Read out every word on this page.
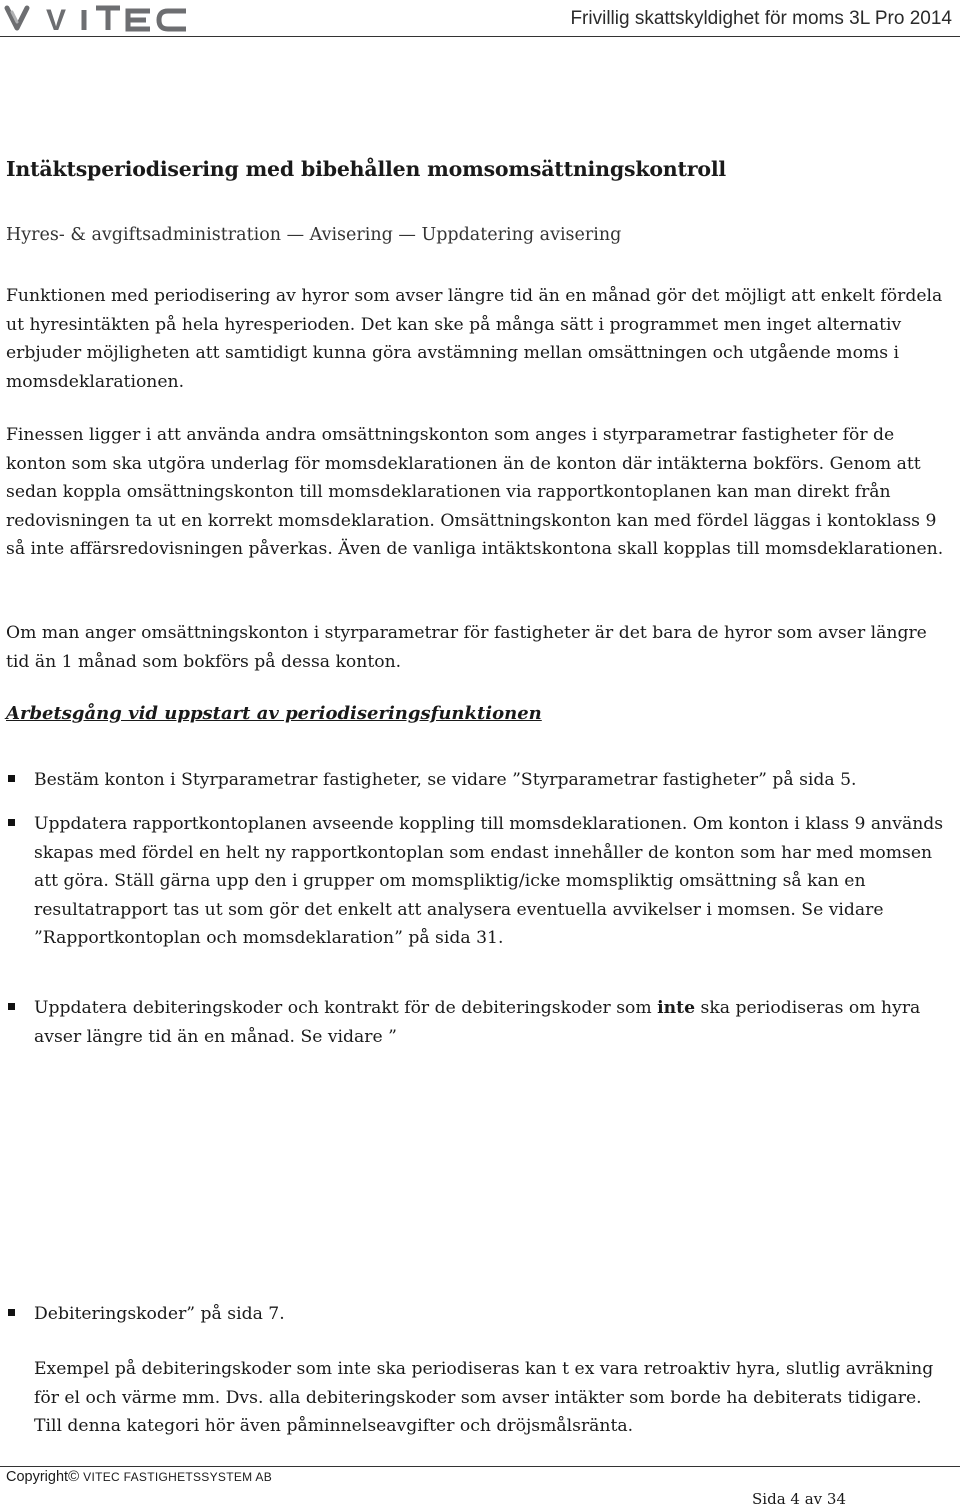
V	Frivillig skattskyldighet för moms 3L Pro 2014
Intäktsperiodisering med bibehållen momsomsättningskontroll
Hyres- & avgiftsadministration — Avisering — Uppdatering avisering

Funktionen med periodisering av hyror som avser längre tid än en månad gör det möjligt att enkelt fördela ut hyresintäkten på hela hyresperioden. Det kan ske på många sätt i programmet men inget alternativ erbjuder möjligheten att samtidigt kunna göra avstämning mellan omsättningen och utgående moms i momsdeklarationen.

Finessen ligger i att använda andra omsättningskonton som anges i styrparametrar fastigheter för de konton som ska utgöra underlag för momsdeklarationen än de konton där intäkterna bokförs. Genom att sedan koppla omsättningskonton till momsdeklarationen via rapportkontoplanen kan man direkt från redovisningen ta ut en korrekt momsdeklaration. Omsättningskonton kan med fördel läggas i kontoklass 9 så inte affärsredovisningen påverkas. Även de vanliga intäktskontona skall kopplas till momsdeklarationen.

Om man anger omsättningskonton i styrparametrar för fastigheter är det bara de hyror som avser längre tid än 1 månad som bokförs på dessa konton.

Arbetsgång vid uppstart av periodiseringsfunktionen

Bestäm konton i Styrparametrar fastigheter, se vidare ”Styrparametrar fastigheter” på sida 5.

Uppdatera rapportkontoplanen avseende koppling till momsdeklarationen. Om konton i klass 9 används skapas med fördel en helt ny rapportkontoplan som endast innehåller de konton som har med momsen att göra. Ställ gärna upp den i grupper om momspliktig/icke momspliktig omsättning så kan en resultatrapport tas ut som gör det enkelt att analysera eventuella avvikelser i momsen. Se vidare ”Rapportkontoplan och momsdeklaration” på sida 31.

Uppdatera debiteringskoder och kontrakt för de debiteringskoder som inte ska periodiseras om hyra avser längre tid än en månad. Se vidare ”

Debiteringskoder” på sida 7.

Exempel på debiteringskoder som inte ska periodiseras kan t ex vara retroaktiv hyra, slutlig avräkning för el och värme mm. Dvs. alla debiteringskoder som avser intäkter som borde ha debiterats tidigare. Till denna kategori hör även påminnelseavgifter och dröjsmålsränta.

Copyright© VITEC FASTIGHETSSYSTEM AB
Sida 4 av 34
